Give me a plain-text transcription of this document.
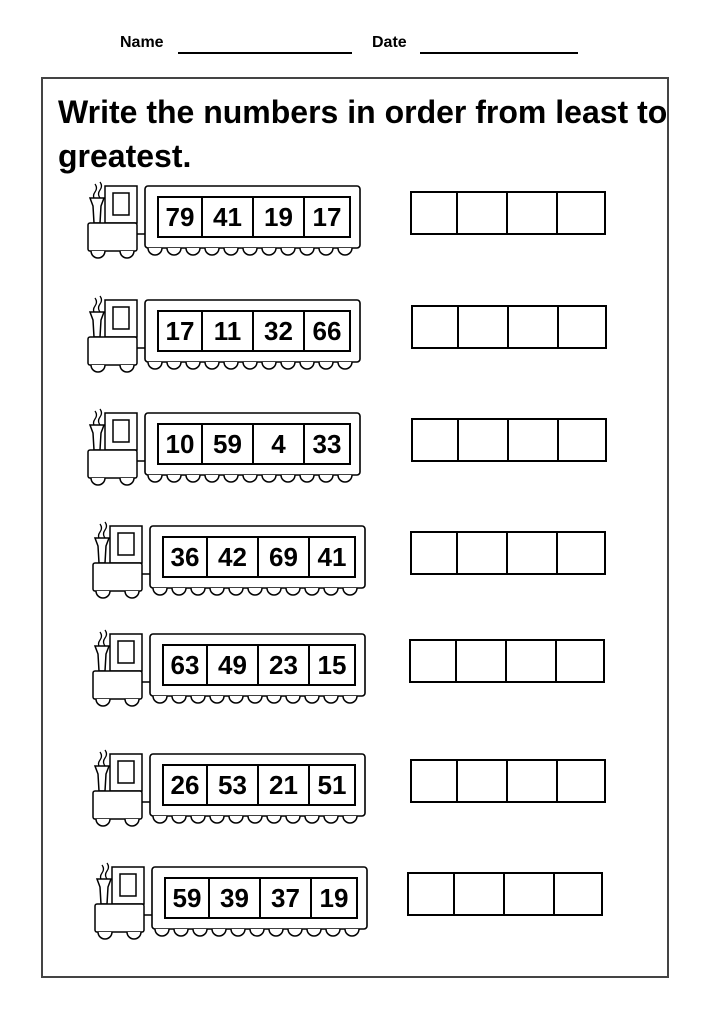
Name	Date

Write the numbers in order from least to greatest.

79 41 19 17
17 11 32 66
10 59	4	33
36 42 69 41
63 49 23 15
26 53 21 51
59 39 37 19
